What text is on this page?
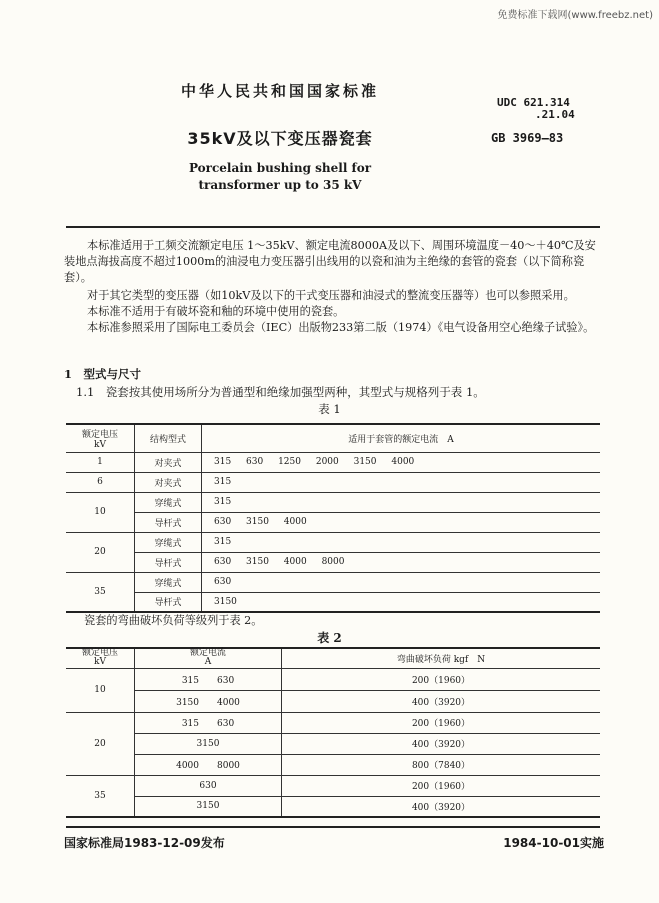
免费标准下载网(www.freebz.net)
中华人民共和国国家标准
UDC 621.314
.21.04
35kV及以下变压器瓷套	GB 3969—83
Porcelain bushing shell for
transformer up to 35 kV
本标准适用于工频交流额定电压 1～35kV、额定电流8000A及以下、周围环境温度－40～＋40℃及安装地点海拔高度不超过1000m的油浸电力变压器引出线用的以瓷和油为主绝缘的套管的瓷套（以下简称瓷套）。
对于其它类型的变压器（如10kV及以下的干式变压器和油浸式的整流变压器等）也可以参照采用。
本标准不适用于有破坏瓷和釉的环境中使用的瓷套。
本标准参照采用了国际电工委员会（IEC）出版物233第二版（1974）《电气设备用空心绝缘子试验》。
1　型式与尺寸
1.1　瓷套按其使用场所分为普通型和绝缘加强型两种，其型式与规格列于表 1。
表 1
额定电压
kV	结构型式	适用于套管的额定电流　A
1	对夹式	315 630 1250 2000 3150 4000
6	对夹式	315
10	穿缆式	315
	导杆式	630 3150 4000
20	穿缆式	315
	导杆式	630 3150 4000 8000
35	穿缆式	630
	导杆式	3150
瓷套的弯曲破坏负荷等级列于表 2。
表 2
额定电压
kV	额定电流
A	弯曲破坏负荷 kgf　N
10	315　　630	200（1960）
	3150　　4000	400（3920）
20	315　　630	200（1960）
	3150	400（3920）
	4000　　8000	800（7840）
35	630	200（1960）
	3150	400（3920）
国家标准局1983-12-09发布	1984-10-01实施
